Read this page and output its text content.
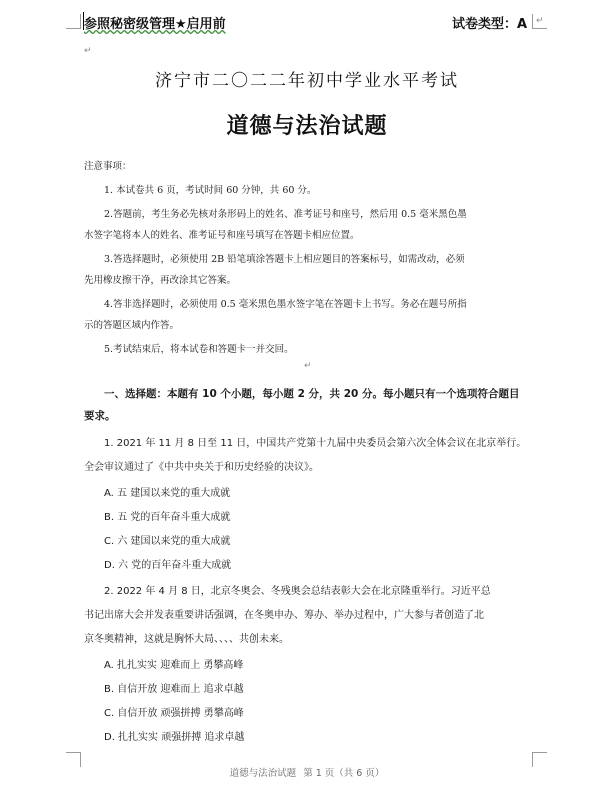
参照秘密级管理★启用前	试卷类型：A ↵
↵
济宁市二〇二二年初中学业水平考试
道德与法治试题
注意事项：
1. 本试卷共 6 页，考试时间 60 分钟，共 60 分。
2.答题前，考生务必先核对条形码上的姓名、准考证号和座号，然后用 0.5 毫米黑色墨
水签字笔将本人的姓名、准考证号和座号填写在答题卡相应位置。
3.答选择题时，必须使用 2B 铅笔填涂答题卡上相应题目的答案标号，如需改动，必须
先用橡皮擦干净，再改涂其它答案。
4.答非选择题时，必须使用 0.5 毫米黑色墨水签字笔在答题卡上书写。务必在题号所指
示的答题区域内作答。
5.考试结束后，将本试卷和答题卡一并交回。
↵
一、选择题：本题有 10 个小题，每小题 2 分，共 20 分。每小题只有一个选项符合题目
要求。
1. 2021 年 11 月 8 日至 11 日，中国共产党第十九届中央委员会第六次全体会议在北京举行。
全会审议通过了《中共中央关于和历史经验的决议》。
A. 五 建国以来党的重大成就
B. 五 党的百年奋斗重大成就
C. 六 建国以来党的重大成就
D. 六 党的百年奋斗重大成就
2. 2022 年 4 月 8 日，北京冬奥会、冬残奥会总结表彰大会在北京隆重举行。习近平总
书记出席大会并发表重要讲话强调，在冬奥申办、筹办、举办过程中，广大参与者创造了北
京冬奥精神，这就是胸怀大局、、、、共创未来。
A. 扎扎实实 迎难而上 勇攀高峰
B. 自信开放 迎难而上 追求卓越
C. 自信开放 顽强拼搏 勇攀高峰
D. 扎扎实实 顽强拼搏 追求卓越
道德与法治试题 第 1 页（共 6 页）
